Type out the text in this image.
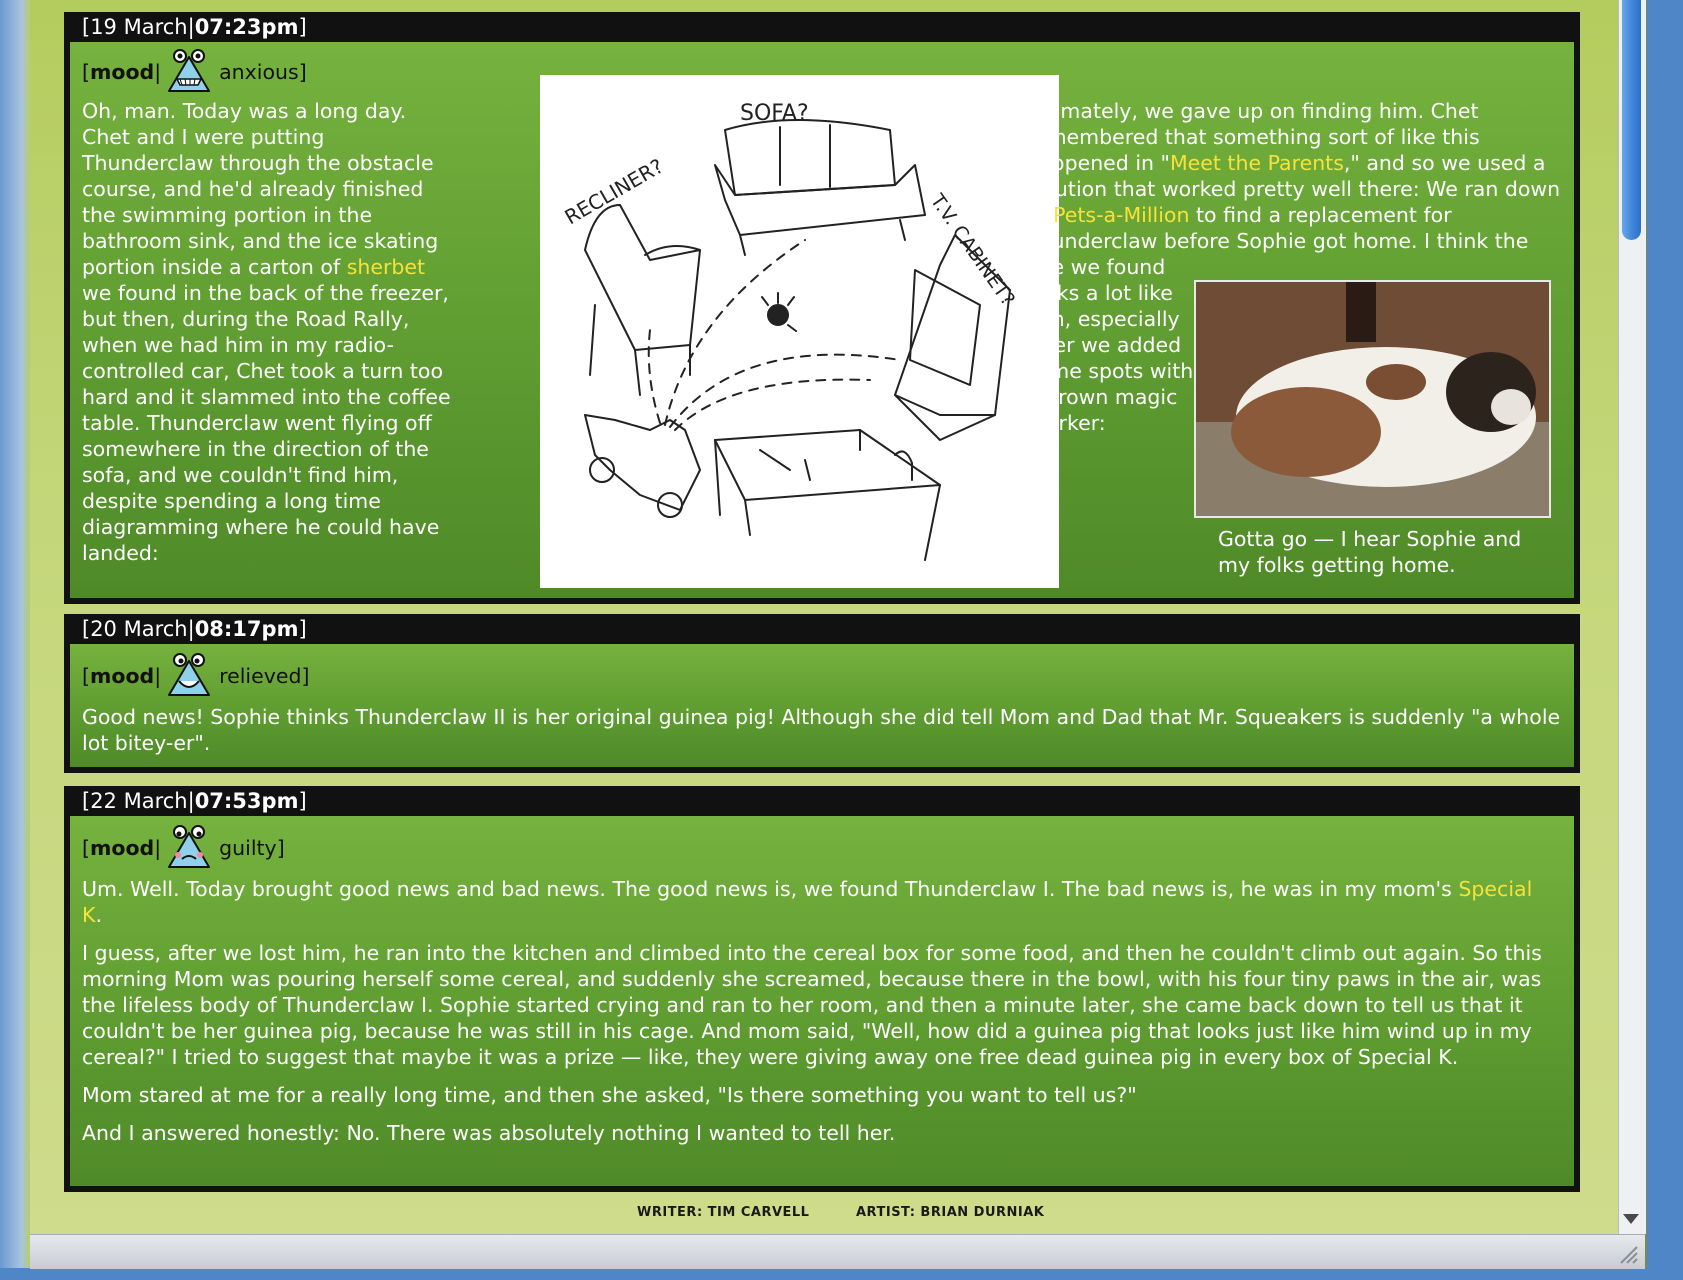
[19 March|07:23pm]
[ mood |	anxious]
Oh, man. Today was a long day. Chet and I were putting Thunderclaw through the obstacle course, and he'd already finished the swimming portion in the bathroom sink, and the ice skating portion inside a carton of sherbet we found in the back of the freezer, but then, during the Road Rally, when we had him in my radio-controlled car, Chet took a turn too hard and it slammed into the coffee table. Thunderclaw went flying off somewhere in the direction of the sofa, and we couldn't find him, despite spending a long time diagramming where he could have landed:
SOFA?
RECLINER?	T.V. CABINET?
Ultimately, we gave up on finding him. Chet remembered that something sort of like this happened in "Meet the Parents," and so we used a solution that worked pretty well there: We ran down to Pets-a-Million to find a replacement for Thunderclaw before Sophie got home. I think the
one we found looks a lot like him, especially after we added some spots with a brown magic marker:
Gotta go — I hear Sophie and my folks getting home.
[20 March|08:17pm]
[ mood |	relieved]
Good news! Sophie thinks Thunderclaw II is her original guinea pig! Although she did tell Mom and Dad that Mr. Squeakers is suddenly "a whole lot bitey-er".
[22 March|07:53pm]
[ mood |	guilty]

Um. Well. Today brought good news and bad news. The good news is, we found Thunderclaw I. The bad news is, he was in my mom's Special K.

I guess, after we lost him, he ran into the kitchen and climbed into the cereal box for some food, and then he couldn't climb out again. So this morning Mom was pouring herself some cereal, and suddenly she screamed, because there in the bowl, with his four tiny paws in the air, was the lifeless body of Thunderclaw I. Sophie started crying and ran to her room, and then a minute later, she came back down to tell us that it couldn't be her guinea pig, because he was still in his cage. And mom said, "Well, how did a guinea pig that looks just like him wind up in my cereal?" I tried to suggest that maybe it was a prize — like, they were giving away one free dead guinea pig in every box of Special K.

Mom stared at me for a really long time, and then she asked, "Is there something you want to tell us?"

And I answered honestly: No. There was absolutely nothing I wanted to tell her.

WRITER: TIM CARVELL	ARTIST: BRIAN DURNIAK
